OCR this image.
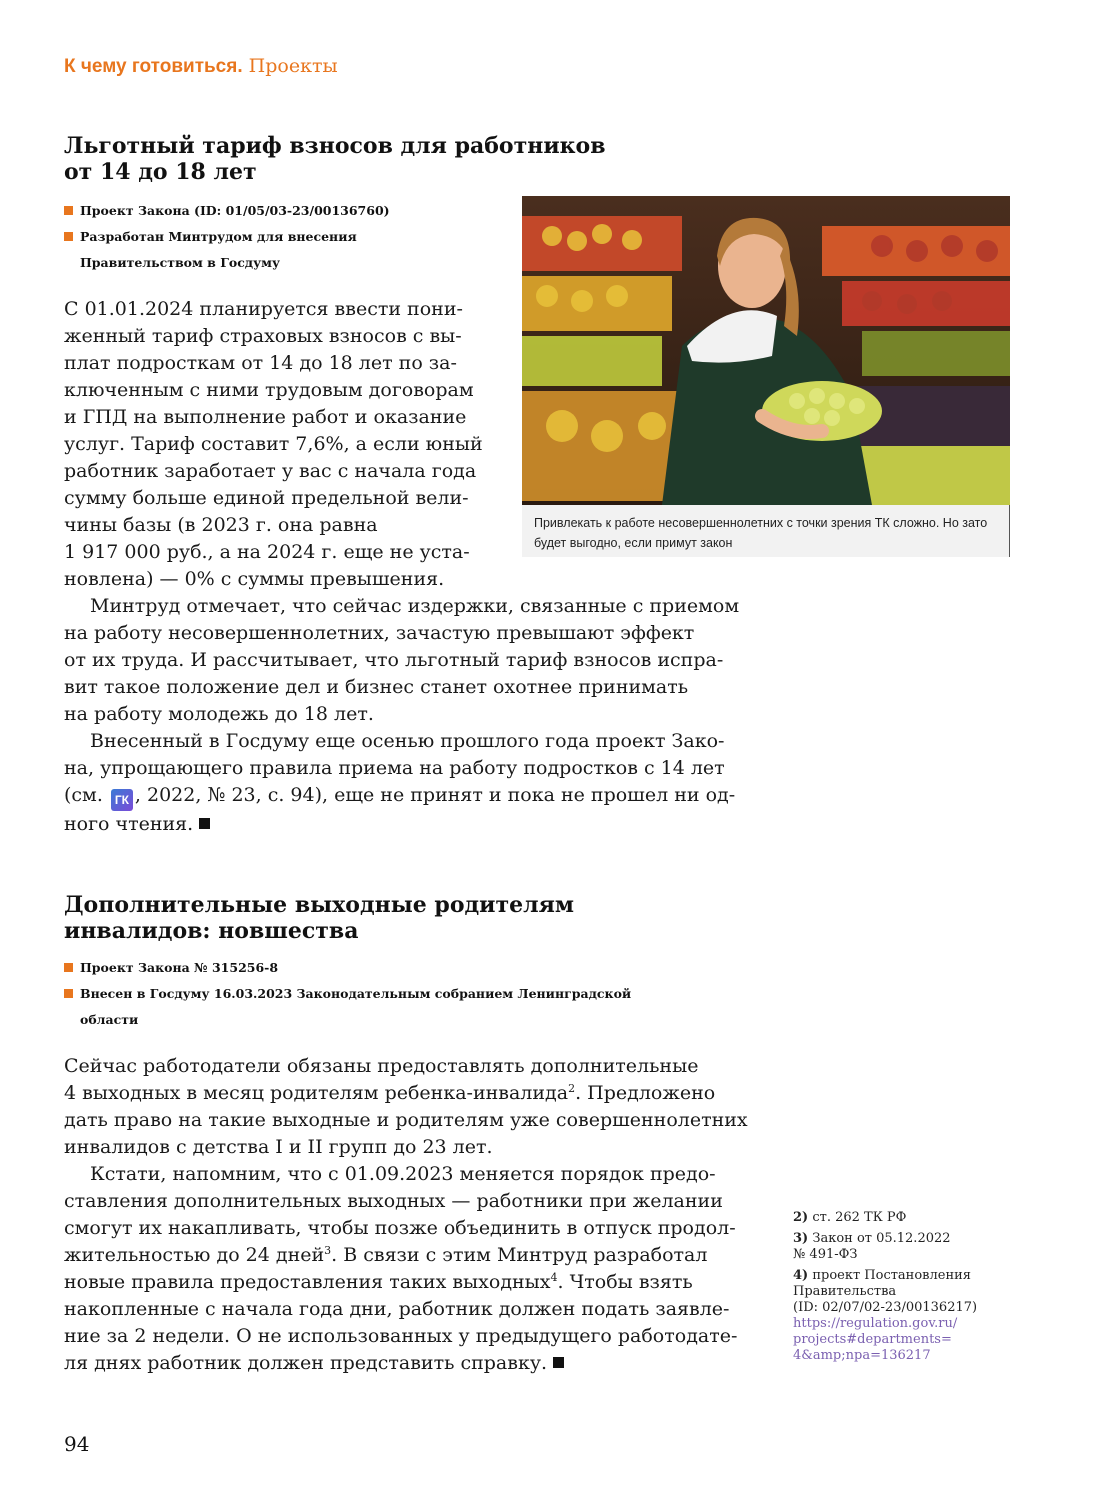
К чему готовиться. Проекты
Льготный тариф взносов для работников
от 14 до 18 лет
Проект Закона (ID: 01/05/03-23/00136760)
Разработан Минтрудом для внесения
Правительством в Госдуму
С 01.01.2024 планируется ввести пони-
женный тариф страховых взносов с вы-
плат подросткам от 14 до 18 лет по за-
ключенным с ними трудовым договорам
и ГПД на выполнение работ и оказание
услуг. Тариф составит 7,6%, а если юный
работник заработает у вас с начала года
сумму больше единой предельной вели-
чины базы (в 2023 г. она равна
1 917 000 руб., а на 2024 г. еще не уста-
новлена) — 0% с суммы превышения.
Минтруд отмечает, что сейчас издержки, связанные с приемом
на работу несовершеннолетних, зачастую превышают эффект
от их труда. И рассчитывает, что льготный тариф взносов испра-
вит такое положение дел и бизнес станет охотнее принимать
на работу молодежь до 18 лет.
Внесенный в Госдуму еще осенью прошлого года проект Зако-
на, упрощающего правила приема на работу подростков с 14 лет
(см. ГК , 2022, № 23, с. 94), еще не принят и пока не прошел ни од-
ного чтения.
Привлекать к работе несовершеннолетних с точки зрения ТК сложно. Но зато
будет выгодно, если примут закон
Дополнительные выходные родителям
инвалидов: новшества
Проект Закона № 315256-8
Внесен в Госдуму 16.03.2023 Законодательным собранием Ленинградской
области
Сейчас работодатели обязаны предоставлять дополнительные
4 выходных в месяц родителям ребенка-инвалида$^2$. Предложено
дать право на такие выходные и родителям уже совершеннолетних
инвалидов с детства I и II групп до 23 лет.
Кстати, напомним, что с 01.09.2023 меняется порядок предо-
ставления дополнительных выходных — работники при желании
смогут их накапливать, чтобы позже объединить в отпуск продол-
жительностью до 24 дней$^3$. В связи с этим Минтруд разработал
новые правила предоставления таких выходных$^4$. Чтобы взять
накопленные с начала года дни, работник должен подать заявле-
ние за 2 недели. О не использованных у предыдущего работодате-
ля днях работник должен представить справку.
2) ст. 262 ТК РФ
3) Закон от 05.12.2022
№ 491-ФЗ
4) проект Постановления
Правительства
(ID: 02/07/02-23/00136217)
https://regulation.gov.ru/
projects#departments=
4&amp;npa=136217
94
